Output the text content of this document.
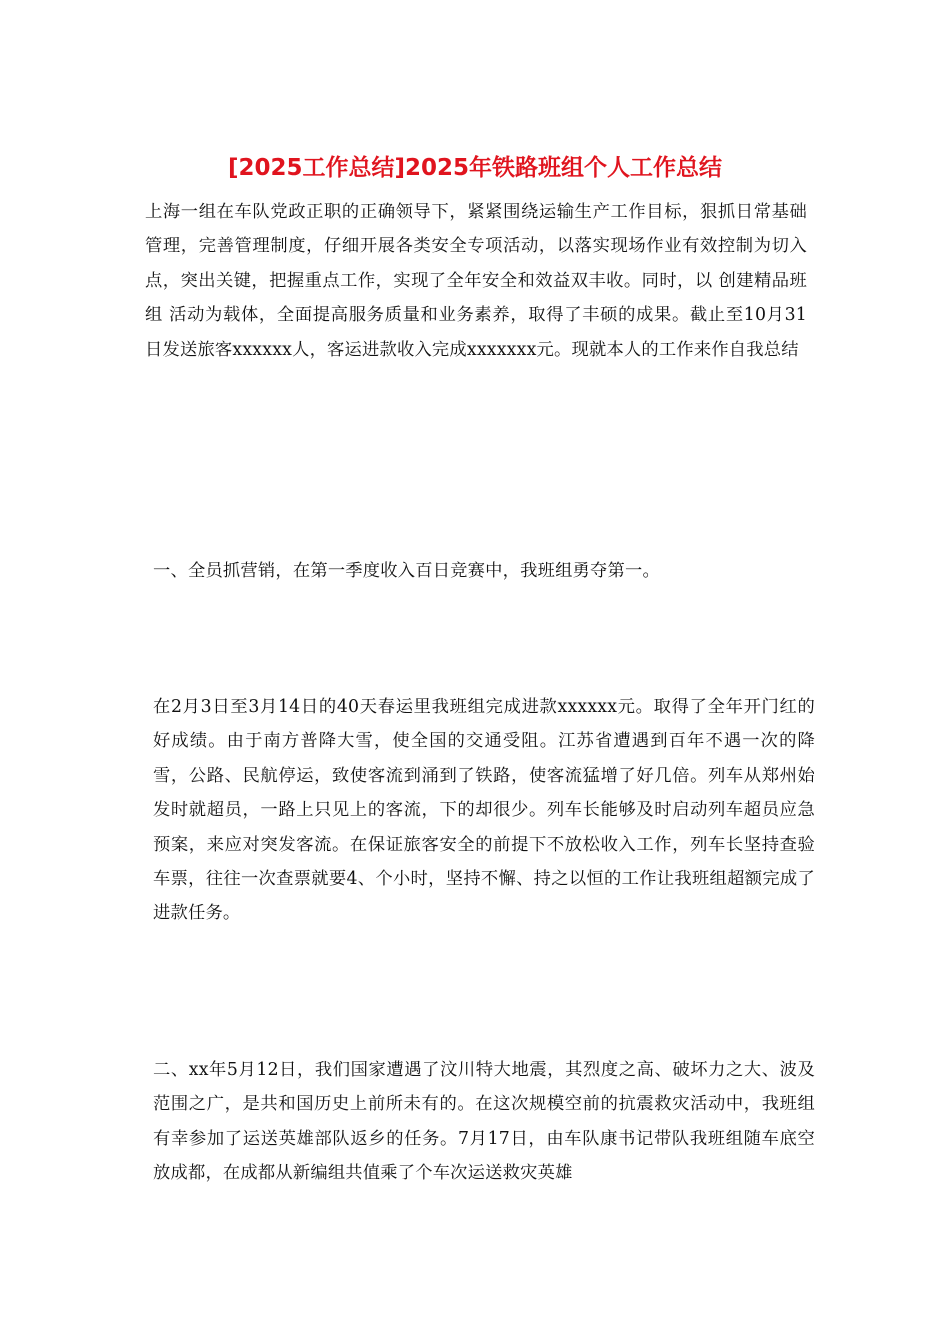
[2025工作总结]2025年铁路班组个人工作总结

上海一组在车队党政正职的正确领导下，紧紧围绕运输生产工作目标，狠抓日常基础管理，完善管理制度，仔细开展各类安全专项活动，以落实现场作业有效控制为切入点，突出关键，把握重点工作，实现了全年安全和效益双丰收。同时，以 创建精品班组 活动为载体，全面提高服务质量和业务素养，取得了丰硕的成果。截止至10月31日发送旅客xxxxxx人，客运进款收入完成xxxxxxx元。现就本人的工作来作自我总结

一、全员抓营销，在第一季度收入百日竞赛中，我班组勇夺第一。

在2月3日至3月14日的40天春运里我班组完成进款xxxxxx元。取得了全年开门红的好成绩。由于南方普降大雪，使全国的交通受阻。江苏省遭遇到百年不遇一次的降雪，公路、民航停运，致使客流到涌到了铁路，使客流猛增了好几倍。列车从郑州始发时就超员，一路上只见上的客流，下的却很少。列车长能够及时启动列车超员应急预案，来应对突发客流。在保证旅客安全的前提下不放松收入工作，列车长坚持查验车票，往往一次查票就要4、个小时，坚持不懈、持之以恒的工作让我班组超额完成了进款任务。

二、xx年5月12日，我们国家遭遇了汶川特大地震，其烈度之高、破坏力之大、波及范围之广，是共和国历史上前所未有的。在这次规模空前的抗震救灾活动中，我班组有幸参加了运送英雄部队返乡的任务。7月17日，由车队康书记带队我班组随车底空放成都，在成都从新编组共值乘了个车次运送救灾英雄
